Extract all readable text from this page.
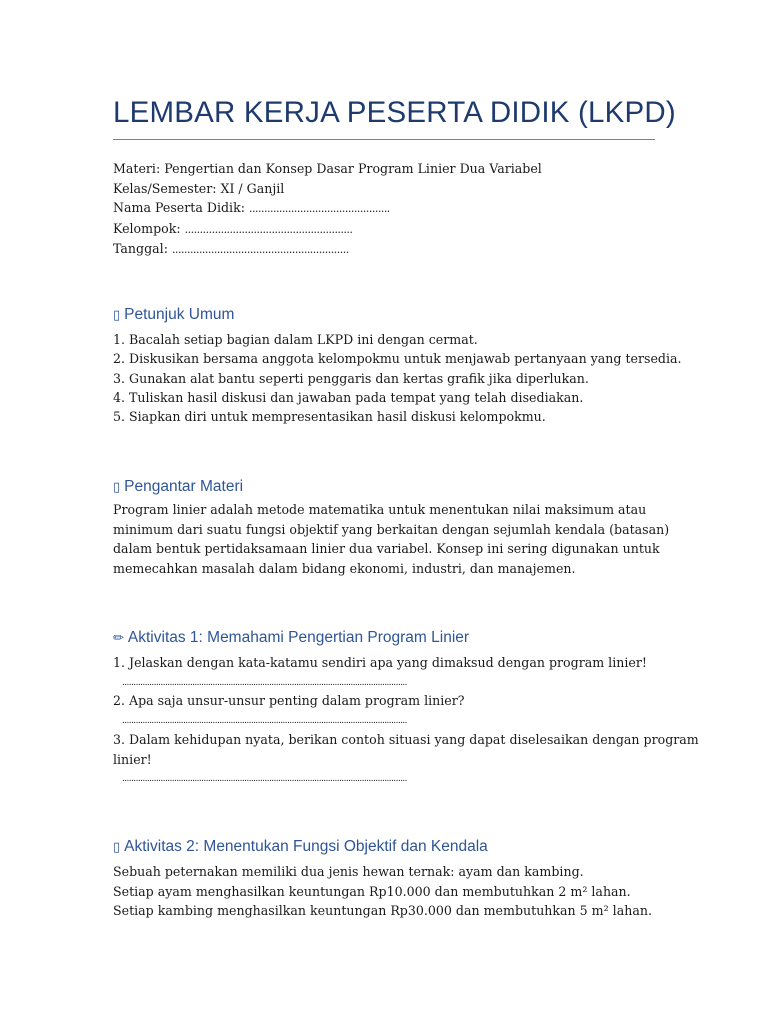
LEMBAR KERJA PESERTA DIDIK (LKPD)
Materi: Pengertian dan Konsep Dasar Program Linier Dua Variabel
Kelas/Semester: XI / Ganjil
Nama Peserta Didik: ...............................................
Kelompok: ........................................................
Tanggal: ...........................................................
▯ Petunjuk Umum
1. Bacalah setiap bagian dalam LKPD ini dengan cermat.
2. Diskusikan bersama anggota kelompokmu untuk menjawab pertanyaan yang tersedia.
3. Gunakan alat bantu seperti penggaris dan kertas grafik jika diperlukan.
4. Tuliskan hasil diskusi dan jawaban pada tempat yang telah disediakan.
5. Siapkan diri untuk mempresentasikan hasil diskusi kelompokmu.
▯ Pengantar Materi
Program linier adalah metode matematika untuk menentukan nilai maksimum atau
minimum dari suatu fungsi objektif yang berkaitan dengan sejumlah kendala (batasan)
dalam bentuk pertidaksamaan linier dua variabel. Konsep ini sering digunakan untuk
memecahkan masalah dalam bidang ekonomi, industri, dan manajemen.
✏ Aktivitas 1: Memahami Pengertian Program Linier
1. Jelaskan dengan kata-katamu sendiri apa yang dimaksud dengan program linier!
..............................................................................................................................
2. Apa saja unsur-unsur penting dalam program linier?
..............................................................................................................................
3. Dalam kehidupan nyata, berikan contoh situasi yang dapat diselesaikan dengan program
linier!
..............................................................................................................................
▯ Aktivitas 2: Menentukan Fungsi Objektif dan Kendala
Sebuah peternakan memiliki dua jenis hewan ternak: ayam dan kambing.
Setiap ayam menghasilkan keuntungan Rp10.000 dan membutuhkan 2 m² lahan.
Setiap kambing menghasilkan keuntungan Rp30.000 dan membutuhkan 5 m² lahan.
